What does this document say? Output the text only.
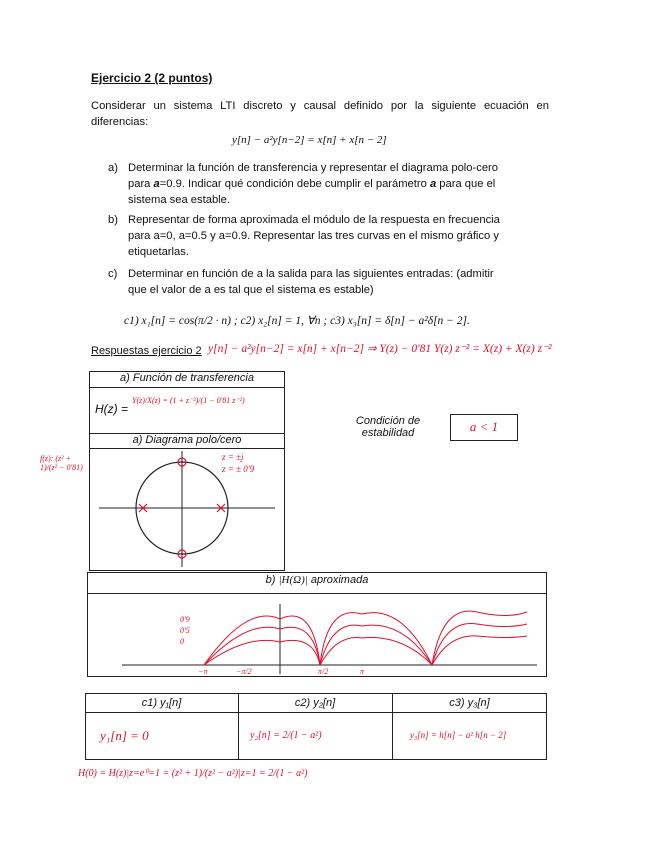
Ejercicio 2 (2 puntos)
Considerar un sistema LTI discreto y causal definido por la siguiente ecuación en diferencias:
y[n] − a²y[n−2] = x[n] + x[n − 2]
a) Determinar la función de transferencia y representar el diagrama polo-cero
para a=0.9. Indicar qué condición debe cumplir el parámetro a para que el
sistema sea estable.
b) Representar de forma aproximada el módulo de la respuesta en frecuencia
para a=0, a=0.5 y a=0.9. Representar las tres curvas en el mismo gráfico y
etiquetarlas.
c) Determinar en función de a la salida para las siguientes entradas: (admitir
que el valor de a es tal que el sistema es estable)
c1) x₁[n] = cos(π/2 · n) ; c2) x₂[n] = 1, ∀n ; c3) x₃[n] = δ[n] − a²δ[n − 2].
Respuestas ejercicio 2 y[n] − a²y[n−2] = x[n] + x[n−2] ⇒ Y(z) − 0'81 Y(z) z⁻² = X(z) + X(z) z⁻²
a) Función de transferencia
H(z) =
Y(z)/X(z) = (1 + z⁻²)/(1 − 0'81 z⁻²)
a) Diagrama polo/cero
z = ±j
z = ± 0'9
f(z): (z² + 1)/(z² − 0'81)
Condición de estabilidad	a < 1
b) |H(Ω)| aproximada
0'9
0'5
0
−π	−π/2	π/2	π
c1) y₁[n]	c2) y₂[n]	c3) y₃[n]
y₁[n] = 0	y₂[n] = 2/(1 − a²)	y₃[n] = h[n] − a² h[n − 2]
H(0) = H(z)|z=e⁰=1 = (z² + 1)/(z² − a²)|z=1 = 2/(1 − a²)
